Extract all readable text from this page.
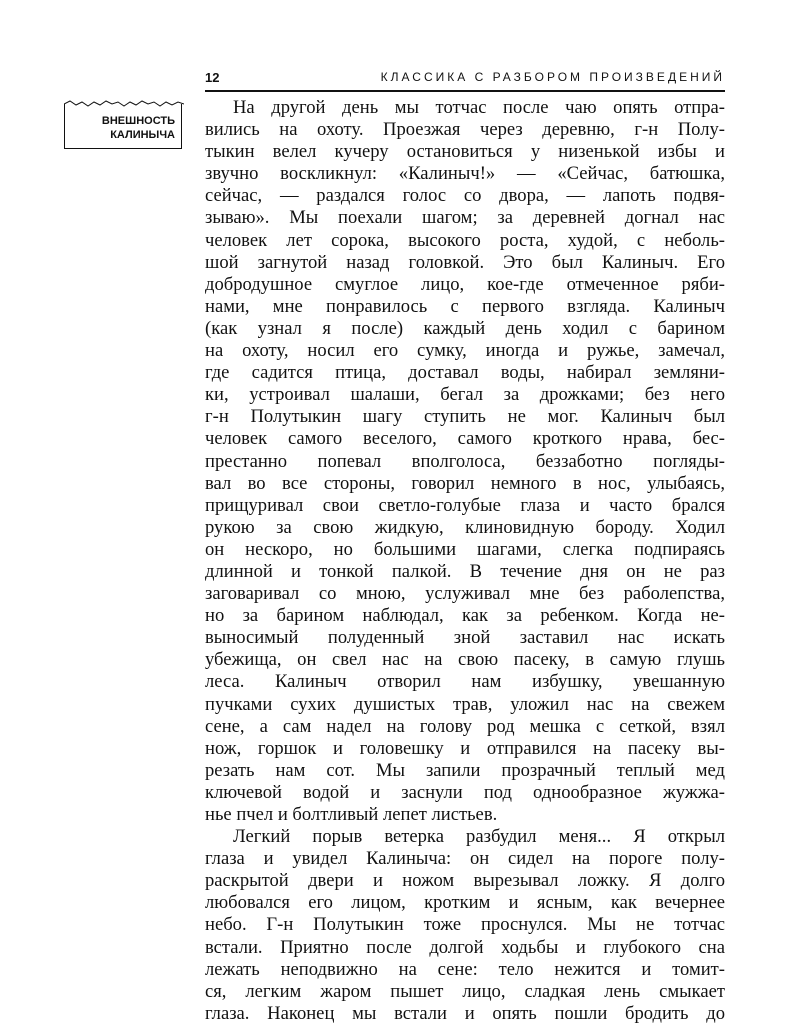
12	КЛАССИКА С РАЗБОРОМ ПРОИЗВЕДЕНИЙ
ВНЕШНОСТЬ
КАЛИНЫЧА
На другой день мы тотчас после чаю опять отпра-
вились на охоту. Проезжая через деревню, г-н Полу-
тыкин велел кучеру остановиться у низенькой избы и
звучно воскликнул: «Калиныч!» — «Сейчас, батюшка,
сейчас, — раздался голос со двора, — лапоть подвя-
зываю». Мы поехали шагом; за деревней догнал нас
человек лет сорока, высокого роста, худой, с неболь-
шой загнутой назад головкой. Это был Калиныч. Его
добродушное смуглое лицо, кое-где отмеченное ряби-
нами, мне понравилось с первого взгляда. Калиныч
(как узнал я после) каждый день ходил с барином
на охоту, носил его сумку, иногда и ружье, замечал,
где садится птица, доставал воды, набирал земляни-
ки, устроивал шалаши, бегал за дрожками; без него
г-н Полутыкин шагу ступить не мог. Калиныч был
человек самого веселого, самого кроткого нрава, бес-
престанно попевал вполголоса, беззаботно погляды-
вал во все стороны, говорил немного в нос, улыбаясь,
прищуривал свои светло-голубые глаза и часто брался
рукою за свою жидкую, клиновидную бороду. Ходил
он нескоро, но большими шагами, слегка подпираясь
длинной и тонкой палкой. В течение дня он не раз
заговаривал со мною, услуживал мне без раболепства,
но за барином наблюдал, как за ребенком. Когда не-
выносимый полуденный зной заставил нас искать
убежища, он свел нас на свою пасеку, в самую глушь
леса. Калиныч отворил нам избушку, увешанную
пучками сухих душистых трав, уложил нас на свежем
сене, а сам надел на голову род мешка с сеткой, взял
нож, горшок и головешку и отправился на пасеку вы-
резать нам сот. Мы запили прозрачный теплый мед
ключевой водой и заснули под однообразное жужжа-
нье пчел и болтливый лепет листьев.
Легкий порыв ветерка разбудил меня... Я открыл
глаза и увидел Калиныча: он сидел на пороге полу-
раскрытой двери и ножом вырезывал ложку. Я долго
любовался его лицом, кротким и ясным, как вечернее
небо. Г-н Полутыкин тоже проснулся. Мы не тотчас
встали. Приятно после долгой ходьбы и глубокого сна
лежать неподвижно на сене: тело нежится и томит-
ся, легким жаром пышет лицо, сладкая лень смыкает
глаза. Наконец мы встали и опять пошли бродить до
